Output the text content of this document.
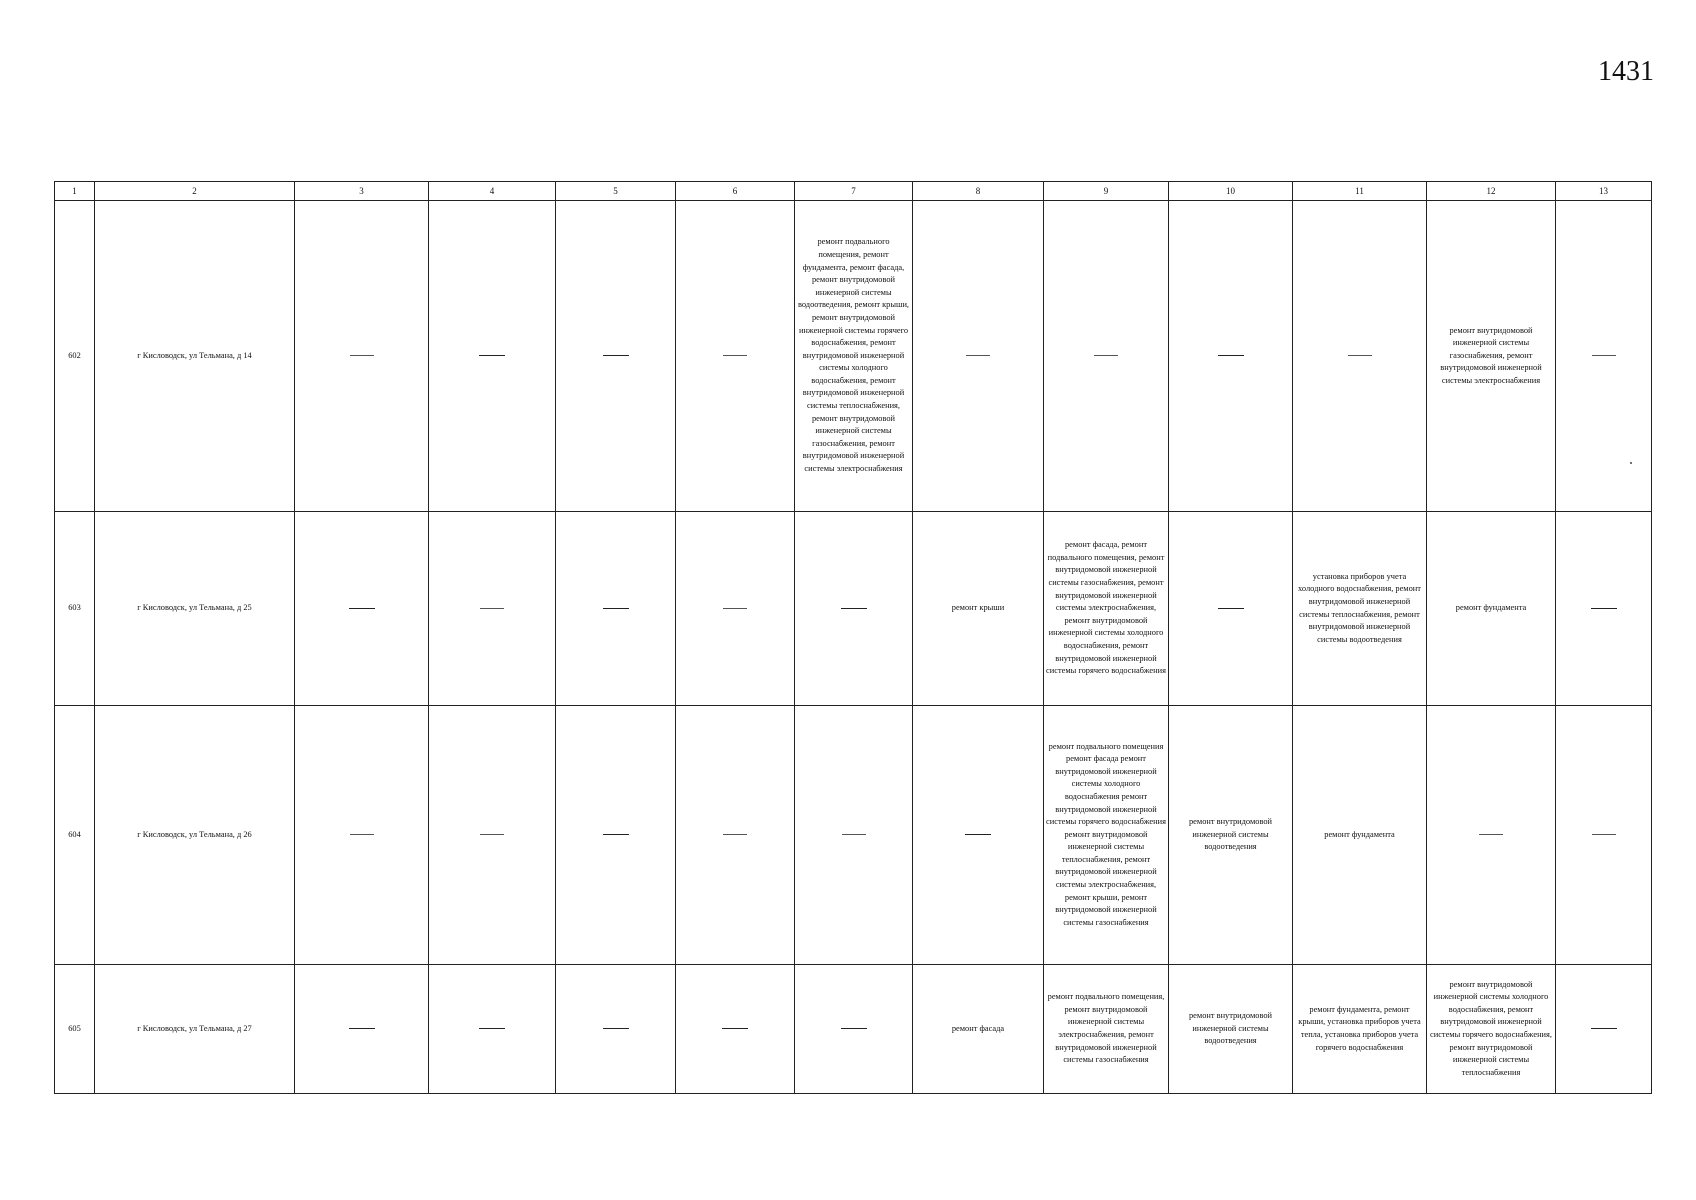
1431
1	2	3	4	5	6	7	8	9	10	11	12	13
602	г Кисловодск, ул Тельмана, д 14					ремонт подвального помещения, ремонт фундамента, ремонт фасада, ремонт внутридомовой инженерной системы водоотведения, ремонт крыши, ремонт внутридомовой инженерной системы горячего водоснабжения, ремонт внутридомовой инженерной системы холодного водоснабжения, ремонт внутридомовой инженерной системы теплоснабжения, ремонт внутридомовой инженерной системы газоснабжения, ремонт внутридомовой инженерной системы электроснабжения					ремонт внутридомовой инженерной системы газоснабжения, ремонт внутридомовой инженерной системы электроснабжения	
603	г Кисловодск, ул Тельмана, д 25						ремонт крыши	ремонт фасада, ремонт подвального помещения, ремонт внутридомовой инженерной системы газоснабжения, ремонт внутридомовой инженерной системы электроснабжения, ремонт внутридомовой инженерной системы холодного водоснабжения, ремонт внутридомовой инженерной системы горячего водоснабжения		установка приборов учета холодного водоснабжения, ремонт внутридомовой инженерной системы теплоснабжения, ремонт внутридомовой инженерной системы водоотведения	ремонт фундамента	
604	г Кисловодск, ул Тельмана, д 26							ремонт подвального помещения ремонт фасада ремонт внутридомовой инженерной системы холодного водоснабжения ремонт внутридомовой инженерной системы горячего водоснабжения ремонт внутридомовой инженерной системы теплоснабжения, ремонт внутридомовой инженерной системы электроснабжения, ремонт крыши, ремонт внутридомовой инженерной системы газоснабжения	ремонт внутридомовой инженерной системы водоотведения	ремонт фундамента		
605	г Кисловодск, ул Тельмана, д 27						ремонт фасада	ремонт подвального помещения, ремонт внутридомовой инженерной системы электроснабжения, ремонт внутридомовой инженерной системы газоснабжения	ремонт внутридомовой инженерной системы водоотведения	ремонт фундамента, ремонт крыши, установка приборов учета тепла, установка приборов учета горячего водоснабжения	ремонт внутридомовой инженерной системы холодного водоснабжения, ремонт внутридомовой инженерной системы горячего водоснабжения, ремонт внутридомовой инженерной системы теплоснабжения	
